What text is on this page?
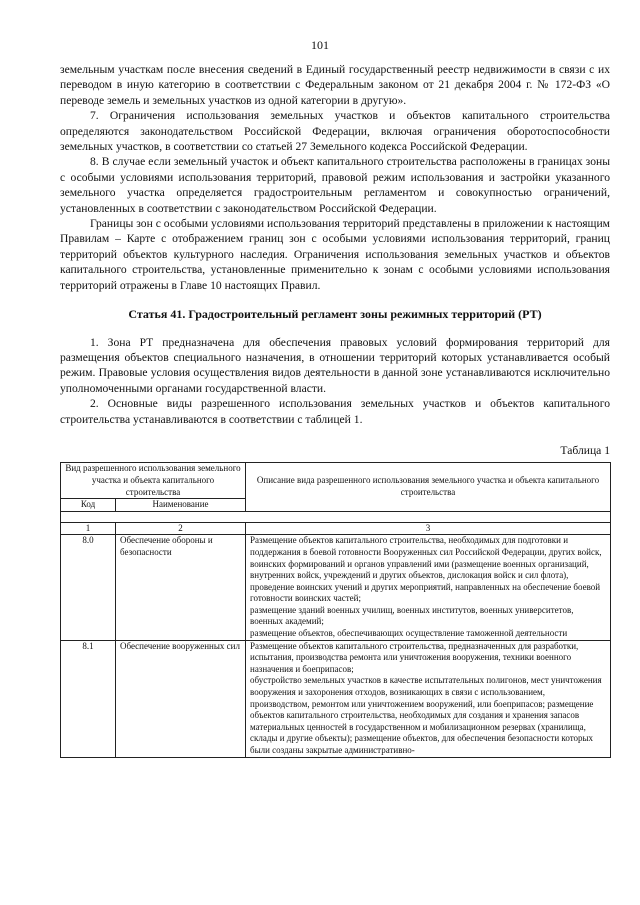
101

земельным участкам после внесения сведений в Единый государственный реестр недвижимости в связи с их переводом в иную категорию в соответствии с Федеральным законом от 21 декабря 2004 г. № 172-ФЗ «О переводе земель и земельных участков из одной категории в другую».

7. Ограничения использования земельных участков и объектов капитального строительства определяются законодательством Российской Федерации, включая ограничения оборотоспособности земельных участков, в соответствии со статьей 27 Земельного кодекса Российской Федерации.

8. В случае если земельный участок и объект капитального строительства расположены в границах зоны с особыми условиями использования территорий, правовой режим использования и застройки указанного земельного участка определяется градостроительным регламентом и совокупностью ограничений, установленных в соответствии с законодательством Российской Федерации.

Границы зон с особыми условиями использования территорий представлены в приложении к настоящим Правилам – Карте с отображением границ зон с особыми условиями использования территорий, границ территорий объектов культурного наследия. Ограничения использования земельных участков и объектов капитального строительства, установленные применительно к зонам с особыми условиями использования территорий отражены в Главе 10 настоящих Правил.

Статья 41. Градостроительный регламент зоны режимных территорий (РТ)

1. Зона РТ предназначена для обеспечения правовых условий формирования территорий для размещения объектов специального назначения, в отношении территорий которых устанавливается особый режим. Правовые условия осуществления видов деятельности в данной зоне устанавливаются исключительно уполномоченными органами государственной власти.

2. Основные виды разрешенного использования земельных участков и объектов капитального строительства устанавливаются в соответствии с таблицей 1.

Таблица 1

Вид разрешенного использования земельного участка и объекта капитального строительства		Описание вида разрешенного использования земельного участка и объекта капитального строительства
Код	Наименование	

1	2	3
8.0	Обеспечение обороны и безопасности	Размещение объектов капитального строительства, необходимых для подготовки и поддержания в боевой готовности Вооруженных сил Российской Федерации, других войск, воинских формирований и органов управлений ими (размещение военных организаций, внутренних войск, учреждений и других объектов, дислокация войск и сил флота), проведение воинских учений и других мероприятий, направленных на обеспечение боевой готовности воинских частей;
размещение зданий военных училищ, военных институтов, военных университетов, военных академий;
размещение объектов, обеспечивающих осуществление таможенной деятельности
8.1	Обеспечение вооруженных сил	Размещение объектов капитального строительства, предназначенных для разработки, испытания, производства ремонта или уничтожения вооружения, техники военного назначения и боеприпасов;
обустройство земельных участков в качестве испытательных полигонов, мест уничтожения вооружения и захоронения отходов, возникающих в связи с использованием, производством, ремонтом или уничтожением вооружений, или боеприпасов; размещение объектов капитального строительства, необходимых для создания и хранения запасов материальных ценностей в государственном и мобилизационном резервах (хранилища, склады и другие объекты); размещение объектов, для обеспечения безопасности которых были созданы закрытые административно-
